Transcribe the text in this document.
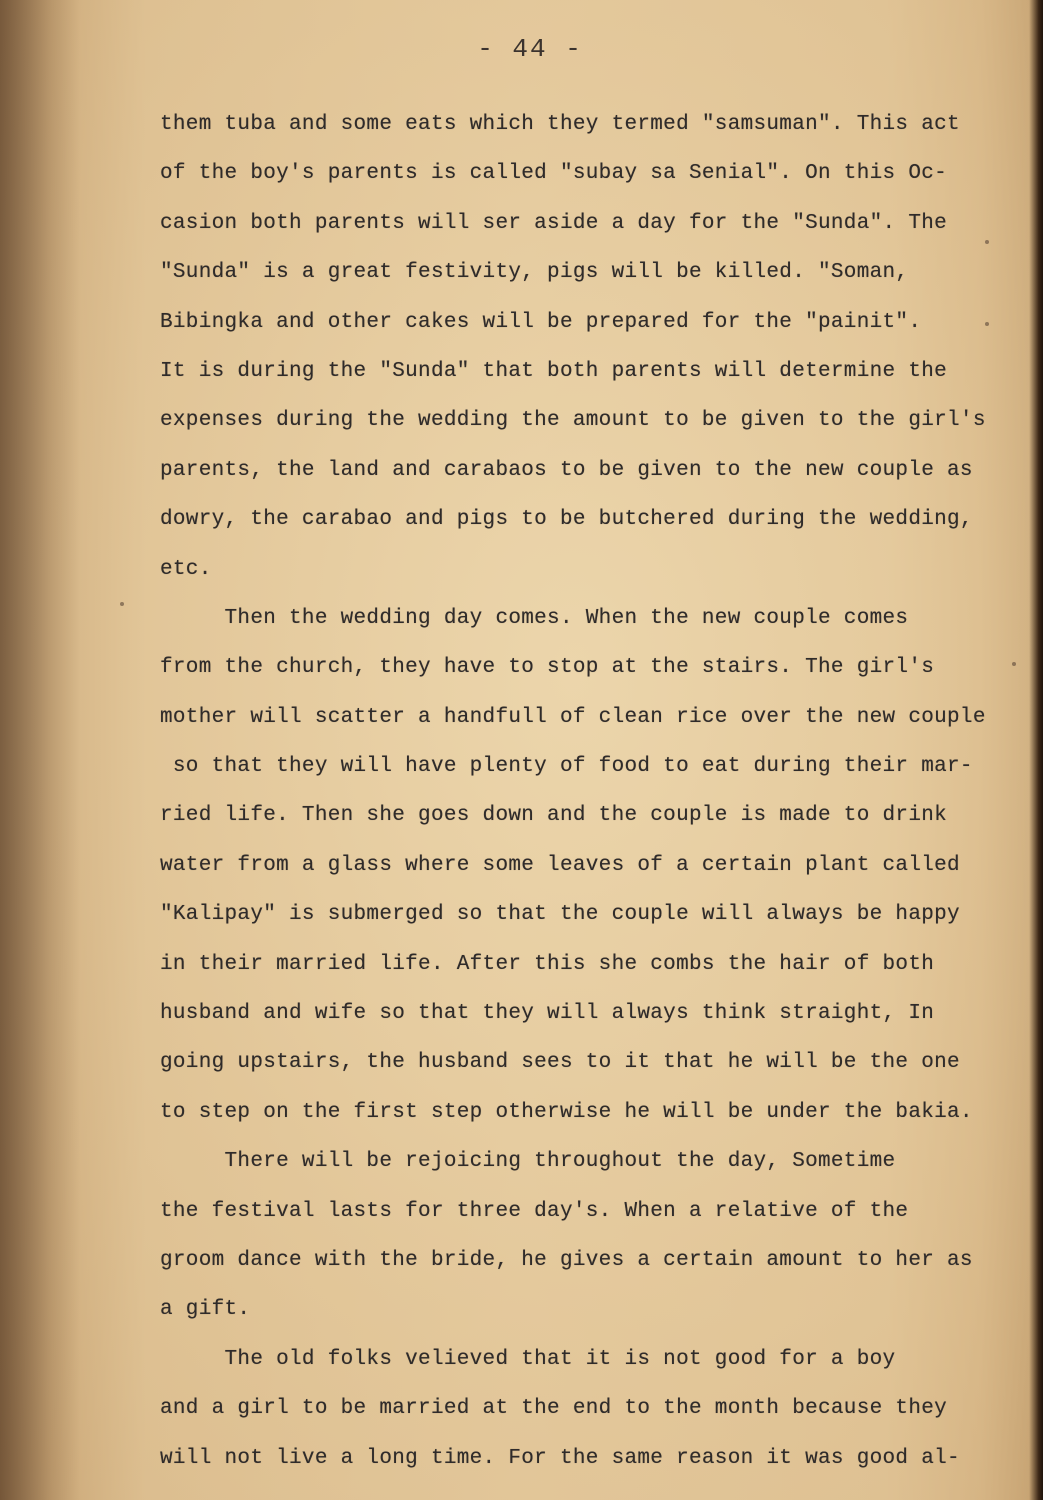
- 44 -
them tuba and some eats which they termed "samsuman". This act
of the boy's parents is called "subay sa Senial". On this Oc-
casion both parents will ser aside a day for the "Sunda". The
"Sunda" is a great festivity, pigs will be killed. "Soman,
Bibingka and other cakes will be prepared for the "painit".
It is during the "Sunda" that both parents will determine the
expenses during the wedding the amount to be given to the girl's
parents, the land and carabaos to be given to the new couple as
dowry, the carabao and pigs to be butchered during the wedding,
etc.
Then the wedding day comes. When the new couple comes
from the church, they have to stop at the stairs. The girl's
mother will scatter a handfull of clean rice over the new couple
so that they will have plenty of food to eat during their mar-
ried life. Then she goes down and the couple is made to drink
water from a glass where some leaves of a certain plant called
"Kalipay" is submerged so that the couple will always be happy
in their married life. After this she combs the hair of both
husband and wife so that they will always think straight, In
going upstairs, the husband sees to it that he will be the one
to step on the first step otherwise he will be under the bakia.
There will be rejoicing throughout the day, Sometime
the festival lasts for three day's. When a relative of the
groom dance with the bride, he gives a certain amount to her as
a gift.
The old folks velieved that it is not good for a boy
and a girl to be married at the end to the month because they
will not live a long time. For the same reason it was good al-
